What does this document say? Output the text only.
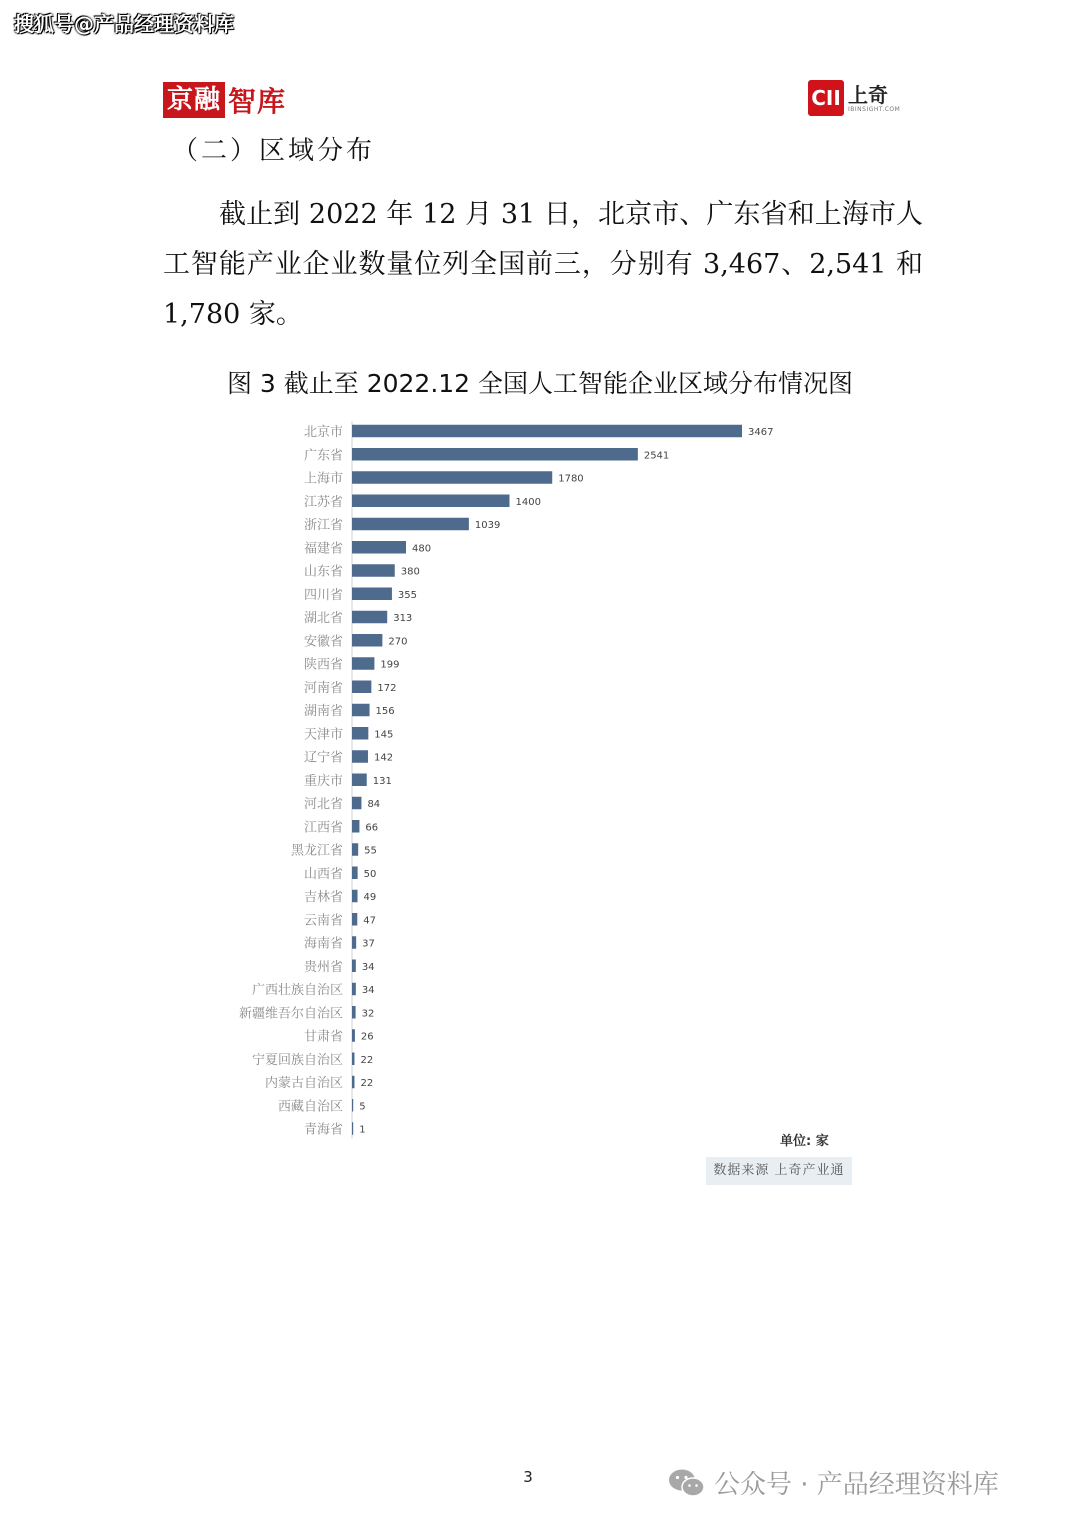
搜狐号@产品经理资料库
京融 智库	CII 上奇
IBINSIGHT.COM
（二）区域分布

截止到 2022 年 12 月 31 日，北京市、广东省和上海市人工智能产业企业数量位列全国前三，分别有 3,467、2,541 和 1,780 家。

图 3 截止至 2022.12 全国人工智能企业区域分布情况图
北京市
广东省
上海市
江苏省
浙江省
福建省
山东省
四川省
湖北省
安徽省
陕西省
河南省
湖南省
天津市
辽宁省
重庆市
河北省
江西省
黑龙江省
山西省
吉林省
云南省
海南省
贵州省
广西壮族自治区
新疆维吾尔自治区
甘肃省
宁夏回族自治区
内蒙古自治区
西藏自治区
青海省
3467
2541
1780
1400
1039
480
380
355
313
270
199
172
156
145
142
131
84
66
55
50
49
47
37
34
34
32
26
22
22
5
1
单位: 家
数据来源 上奇产业通
3	公众号 · 产品经理资料库
